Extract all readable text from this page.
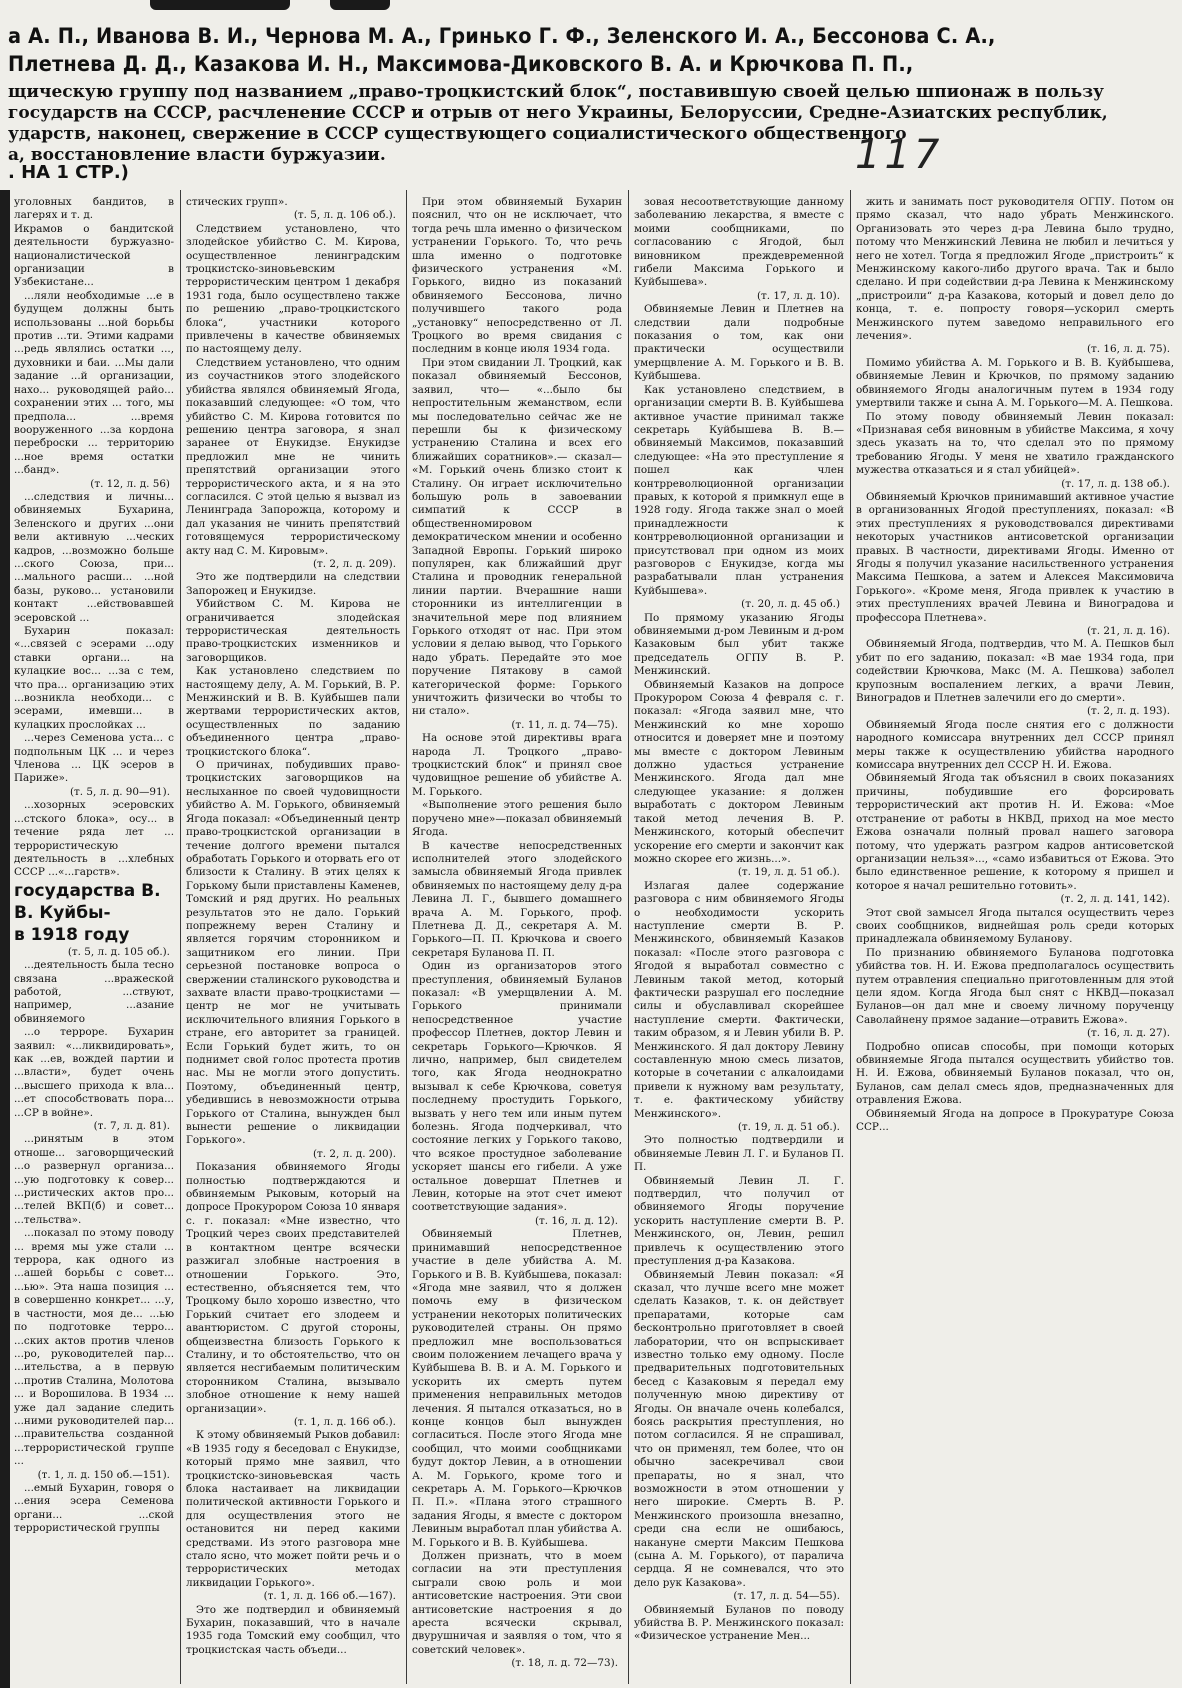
а А. П., Иванова В. И., Чернова М. А., Гринько Г. Ф., Зеленского И. А., Бессонова С. А.,
Плетнева Д. Д., Казакова И. Н., Максимова-Диковского В. А. и Крючкова П. П.,
щическую группу под названием „право-троцкистский блок“, поставившую своей целью шпионаж в пользу
государств на СССР, расчленение СССР и отрыв от него Украины, Белоруссии, Средне-Азиатских республик,
ударств, наконец, свержение в СССР существующего социалистического общественного
а, восстановление власти буржуазии.	117
. НА 1 СТР.)

уголовных бандитов, в лагерях и т. д.

Икрамов о бандитской деятельности буржуазно-националистической организации в Узбекистане...

...ляли необходимые ...е в будущем должны быть использованы ...ной борьбы против ...ти. Этими кадрами ...редь являлись остатки ..., духовники и баи. ...Мы дали задание ...й организации, нахо... руководящей райо... сохранении этих ... того, мы предпола... ...время вооруженного ...за кордона переброски ... территорию ...ное время остатки ...банд».

(т. 12, л. д. 56)

...следствия и личны... обвиняемых Бухарина, Зеленского и других ...они вели активную ...ческих кадров, ...возможно больше ...ского Союза, при... ...мального расши... ...ной базы, руково... установили контакт ...ействовавшей эсеровской ...

Бухарин показал: «...связей с эсерами ...оду ставки органи... на кулацкие вос... ...за с тем, что пра... организацию этих ...возникла необходи... с эсерами, имевши... в кулацких прослойках ...

...через Семенова уста... с подпольным ЦК ... и через Членова ... ЦК эсеров в Париже».

(т. 5, л. д. 90—91).

...хозорных эсеровских ...стского блока», осу... в течение ряда лет ... террористическую деятельность в ...хлебных СССР ...«...гарств».

государства В. В. Куйбы-

в 1918 году

(т. 5, л. д. 105 об.).

...деятельность была тесно связана ...вражеской работой, ...ствуют, например, ...азание обвиняемого

...о терроре. Бухарин заявил: «...ликвидировать», как ...ев, вождей партии и ...власти», будет очень ...высшего прихода к вла... ...ет способствовать пора... ...СР в войне».

(т. 7, л. д. 81).

...ринятым в этом отноше... заговорщический ...о развернул организа... ...ую подготовку к совер... ...ристических актов про... ...телей ВКП(б) и совет... ...тельства».

...показал по этому поводу ... время мы уже стали ... террора, как одного из ...ашей борьбы с совет... ...ью». Эта наша позиция ... в совершенно конкрет... ...у, в частности, моя де... ...ью по подготовке терро... ...ских актов против членов ...ро, руководителей пар... ...ительства, а в первую ...против Сталина, Молотова ... и Ворошилова. В 1934 ... уже дал задание следить ...ними руководителей пар... ...правительства созданной ...террористической группе ...

(т. 1, л. д. 150 об.—151).

...емый Бухарин, говоря о ...ения эсера Семенова органи... ...ской террористической группы

стических групп».

(т. 5, л. д. 106 об.).

Следствием установлено, что злодейское убийство С. М. Кирова, осуществленное ленинградским троцкистско-зиновьевским террористическим центром 1 декабря 1931 года, было осуществлено также по решению „право-троцкистского блока“, участники которого привлечены в качестве обвиняемых по настоящему делу.

Следствием установлено, что одним из соучастников этого злодейского убийства являлся обвиняемый Ягода, показавший следующее: «О том, что убийство С. М. Кирова готовится по решению центра заговора, я знал заранее от Енукидзе. Енукидзе предложил мне не чинить препятствий организации этого террористического акта, и я на это согласился. С этой целью я вызвал из Ленинграда Запорожца, которому и дал указания не чинить препятствий готовящемуся террористическому акту над С. М. Кировым».

(т. 2, л. д. 209).

Это же подтвердили на следствии Запорожец и Енукидзе.

Убийством С. М. Кирова не ограничивается злодейская террористическая деятельность право-троцкистских изменников и заговорщиков.

Как установлено следствием по настоящему делу, А. М. Горький, В. Р. Менжинский и В. В. Куйбышев пали жертвами террористических актов, осуществленных по заданию объединенного центра „право-троцкистского блока“.

О причинах, побудивших право-троцкистских заговорщиков на неслыханное по своей чудовищности убийство А. М. Горького, обвиняемый Ягода показал: «Объединенный центр право-троцкистской организации в течение долгого времени пытался обработать Горького и оторвать его от близости к Сталину. В этих целях к Горькому были приставлены Каменев, Томский и ряд других. Но реальных результатов это не дало. Горький попрежнему верен Сталину и является горячим сторонником и защитником его линии. При серьезной постановке вопроса о свержении сталинского руководства и захвате власти право-троцкистами — центр не мог не учитывать исключительного влияния Горького в стране, его авторитет за границей. Если Горький будет жить, то он поднимет свой голос протеста против нас. Мы не могли этого допустить. Поэтому, объединенный центр, убедившись в невозможности отрыва Горького от Сталина, вынужден был вынести решение о ликвидации Горького».

(т. 2, л. д. 200).

Показания обвиняемого Ягоды полностью подтверждаются и обвиняемым Рыковым, который на допросе Прокурором Союза 10 января с. г. показал: «Мне известно, что Троцкий через своих представителей в контактном центре всячески разжигал злобные настроения в отношении Горького. Это, естественно, объясняется тем, что Троцкому было хорошо известно, что Горький считает его злодеем и авантюристом. С другой стороны, общеизвестна близость Горького к Сталину, и то обстоятельство, что он является несгибаемым политическим сторонником Сталина, вызывало злобное отношение к нему нашей организации».

(т. 1, л. д. 166 об.).

К этому обвиняемый Рыков добавил: «В 1935 году я беседовал с Енукидзе, который прямо мне заявил, что троцкистско-зиновьевская часть блока настаивает на ликвидации политической активности Горького и для осуществления этого не остановится ни перед какими средствами. Из этого разговора мне стало ясно, что может пойти речь и о террористических методах ликвидации Горького».

(т. 1, л. д. 166 об.—167).

Это же подтвердил и обвиняемый Бухарин, показавший, что в начале 1935 года Томский ему сообщил, что троцкистская часть объеди...

При этом обвиняемый Бухарин пояснил, что он не исключает, что тогда речь шла именно о физическом устранении Горького. То, что речь шла именно о подготовке физического устранения «М. Горького, видно из показаний обвиняемого Бессонова, лично получившего такого рода „установку“ непосредственно от Л. Троцкого во время свидания с последним в конце июля 1934 года.

При этом свидании Л. Троцкий, как показал обвиняемый Бессонов, заявил, что— «...было бы непростительным жеманством, если мы последовательно сейчас же не перешли бы к физическому устранению Сталина и всех его ближайших соратников».— сказал— «М. Горький очень близко стоит к Сталину. Он играет исключительно большую роль в завоевании симпатий к СССР в общественномировом демократическом мнении и особенно Западной Европы. Горький широко популярен, как ближайший друг Сталина и проводник генеральной линии партии. Вчерашние наши сторонники из интеллигенции в значительной мере под влиянием Горького отходят от нас. При этом условии я делаю вывод, что Горького надо убрать. Передайте это мое поручение Пятакову в самой категорической форме: Горького уничтожить физически во чтобы то ни стало».

(т. 11, л. д. 74—75).

На основе этой директивы врага народа Л. Троцкого „право-троцкистский блок“ и принял свое чудовищное решение об убийстве А. М. Горького.

«Выполнение этого решения было поручено мне»—показал обвиняемый Ягода.

В качестве непосредственных исполнителей этого злодейского замысла обвиняемый Ягода привлек обвиняемых по настоящему делу д-ра Левина Л. Г., бывшего домашнего врача А. М. Горького, проф. Плетнева Д. Д., секретаря А. М. Горького—П. П. Крючкова и своего секретаря Буланова П. П.

Один из организаторов этого преступления, обвиняемый Буланов показал: «В умерщвлении А. М. Горького принимали непосредственное участие профессор Плетнев, доктор Левин и секретарь Горького—Крючков. Я лично, например, был свидетелем того, как Ягода неоднократно вызывал к себе Крючкова, советуя последнему простудить Горького, вызвать у него тем или иным путем болезнь. Ягода подчеркивал, что состояние легких у Горького таково, что всякое простудное заболевание ускоряет шансы его гибели. А уже остальное довершат Плетнев и Левин, которые на этот счет имеют соответствующие задания».

(т. 16, л. д. 12).

Обвиняемый Плетнев, принимавший непосредственное участие в деле убийства А. М. Горького и В. В. Куйбышева, показал: «Ягода мне заявил, что я должен помочь ему в физическом устранении некоторых политических руководителей страны. Он прямо предложил мне воспользоваться своим положением лечащего врача у Куйбышева В. В. и А. М. Горького и ускорить их смерть путем применения неправильных методов лечения. Я пытался отказаться, но в конце концов был вынужден согласиться. После этого Ягода мне сообщил, что моими сообщниками будут доктор Левин, а в отношении А. М. Горького, кроме того и секретарь А. М. Горького—Крючков П. П.». «Плана этого страшного задания Ягоды, я вместе с доктором Левиным выработал план убийства А. М. Горького и В. В. Куйбышева.

Должен признать, что в моем согласии на эти преступления сыграли свою роль и мои антисоветские настроения. Эти свои антисоветские настроения я до ареста всячески скрывал, двурушничая и заявляя о том, что я советский человек».

(т. 18, л. д. 72—73).

зовая несоответствующие данному заболеванию лекарства, я вместе с моими сообщниками, по согласованию с Ягодой, был виновником преждевременной гибели Максима Горького и Куйбышева».

(т. 17, л. д. 10).

Обвиняемые Левин и Плетнев на следствии дали подробные показания о том, как они практически осуществили умерщвление А. М. Горького и В. В. Куйбышева.

Как установлено следствием, в организации смерти В. В. Куйбышева активное участие принимал также секретарь Куйбышева В. В.—обвиняемый Максимов, показавший следующее: «На это преступление я пошел как член контрреволюционной организации правых, к которой я примкнул еще в 1928 году. Ягода также знал о моей принадлежности к контрреволюционной организации и присутствовал при одном из моих разговоров с Енукидзе, когда мы разрабатывали план устранения Куйбышева».

(т. 20, л. д. 45 об.)

По прямому указанию Ягоды обвиняемыми д-ром Левиным и д-ром Казаковым был убит также председатель ОГПУ В. Р. Менжинский.

Обвиняемый Казаков на допросе Прокурором Союза 4 февраля с. г. показал: «Ягода заявил мне, что Менжинский ко мне хорошо относится и доверяет мне и поэтому мы вместе с доктором Левиным должно удасться устранение Менжинского. Ягода дал мне следующее указание: я должен выработать с доктором Левиным такой метод лечения В. Р. Менжинского, который обеспечит ускорение его смерти и закончит как можно скорее его жизнь...».

(т. 19, л. д. 51 об.).

Излагая далее содержание разговора с ним обвиняемого Ягоды о необходимости ускорить наступление смерти В. Р. Менжинского, обвиняемый Казаков показал: «После этого разговора с Ягодой я выработал совместно с Левиным такой метод, который фактически разрушал его последние силы и обуславливал скорейшее наступление смерти. Фактически, таким образом, я и Левин убили В. Р. Менжинского. Я дал доктору Левину составленную мною смесь лизатов, которые в сочетании с алкалоидами привели к нужному вам результату, т. е. фактическому убийству Менжинского».

(т. 19, л. д. 51 об.).

Это полностью подтвердили и обвиняемые Левин Л. Г. и Буланов П. П.

Обвиняемый Левин Л. Г. подтвердил, что получил от обвиняемого Ягоды поручение ускорить наступление смерти В. Р. Менжинского, он, Левин, решил привлечь к осуществлению этого преступления д-ра Казакова.

Обвиняемый Левин показал: «Я сказал, что лучше всего мне может сделать Казаков, т. к. он действует препаратами, которые сам бесконтрольно приготовляет в своей лаборатории, что он вспрыскивает известно только ему одному. После предварительных подготовительных бесед с Казаковым я передал ему полученную мною директиву от Ягоды. Он вначале очень колебался, боясь раскрытия преступления, но потом согласился. Я не спрашивал, что он применял, тем более, что он обычно засекречивал свои препараты, но я знал, что возможности в этом отношении у него широкие. Смерть В. Р. Менжинского произошла внезапно, среди сна если не ошибаюсь, накануне смерти Максим Пешкова (сына А. М. Горького), от паралича сердца. Я не сомневался, что это дело рук Казакова».

(т. 17, л. д. 54—55).

Обвиняемый Буланов по поводу убийства В. Р. Менжинского показал: «Физическое устранение Мен...

жить и занимать пост руководителя ОГПУ. Потом он прямо сказал, что надо убрать Менжинского. Организовать это через д-ра Левина было трудно, потому что Менжинский Левина не любил и лечиться у него не хотел. Тогда я предложил Ягоде „пристроить“ к Менжинскому какого-либо другого врача. Так и было сделано. И при содействии д-ра Левина к Менжинскому „пристроили“ д-ра Казакова, который и довел дело до конца, т. е. попросту говоря—ускорил смерть Менжинского путем заведомо неправильного его лечения».

(т. 16, л. д. 75).

Помимо убийства А. М. Горького и В. В. Куйбышева, обвиняемые Левин и Крючков, по прямому заданию обвиняемого Ягоды аналогичным путем в 1934 году умертвили также и сына А. М. Горького—М. А. Пешкова.

По этому поводу обвиняемый Левин показал: «Признавая себя виновным в убийстве Максима, я хочу здесь указать на то, что сделал это по прямому требованию Ягоды. У меня не хватило гражданского мужества отказаться и я стал убийцей».

(т. 17, л. д. 138 об.).

Обвиняемый Крючков принимавший активное участие в организованных Ягодой преступлениях, показал: «В этих преступлениях я руководствовался директивами некоторых участников антисоветской организации правых. В частности, директивами Ягоды. Именно от Ягоды я получил указание насильственного устранения Максима Пешкова, а затем и Алексея Максимовича Горького». «Кроме меня, Ягода привлек к участию в этих преступлениях врачей Левина и Виноградова и профессора Плетнева».

(т. 21, л. д. 16).

Обвиняемый Ягода, подтвердив, что М. А. Пешков был убит по его заданию, показал: «В мае 1934 года, при содействии Крючкова, Макс (М. А. Пешкова) заболел крупозным воспалением легких, а врачи Левин, Виноградов и Плетнев залечили его до смерти».

(т. 2, л. д. 193).

Обвиняемый Ягода после снятия его с должности народного комиссара внутренних дел СССР принял меры также к осуществлению убийства народного комиссара внутренних дел СССР Н. И. Ежова.

Обвиняемый Ягода так объяснил в своих показаниях причины, побудившие его форсировать террористический акт против Н. И. Ежова: «Мое отстранение от работы в НКВД, приход на мое место Ежова означали полный провал нашего заговора потому, что удержать разгром кадров антисоветской организации нельзя»..., «само избавиться от Ежова. Это было единственное решение, к которому я пришел и которое я начал решительно готовить».

(т. 2, л. д. 141, 142).

Этот свой замысел Ягода пытался осуществить через своих сообщников, виднейшая роль среди которых принадлежала обвиняемому Буланову.

По признанию обвиняемого Буланова подготовка убийства тов. Н. И. Ежова предполагалось осуществить путем отравления специально приготовленным для этой цели ядом. Когда Ягода был снят с НКВД—показал Буланов—он дал мне и своему личному порученцу Саволайнену прямое задание—отравить Ежова».

(т. 16, л. д. 27).

Подробно описав способы, при помощи которых обвиняемые Ягода пытался осуществить убийство тов. Н. И. Ежова, обвиняемый Буланов показал, что он, Буланов, сам делал смесь ядов, предназначенных для отравления Ежова.

Обвиняемый Ягода на допросе в Прокуратуре Союза ССР...
